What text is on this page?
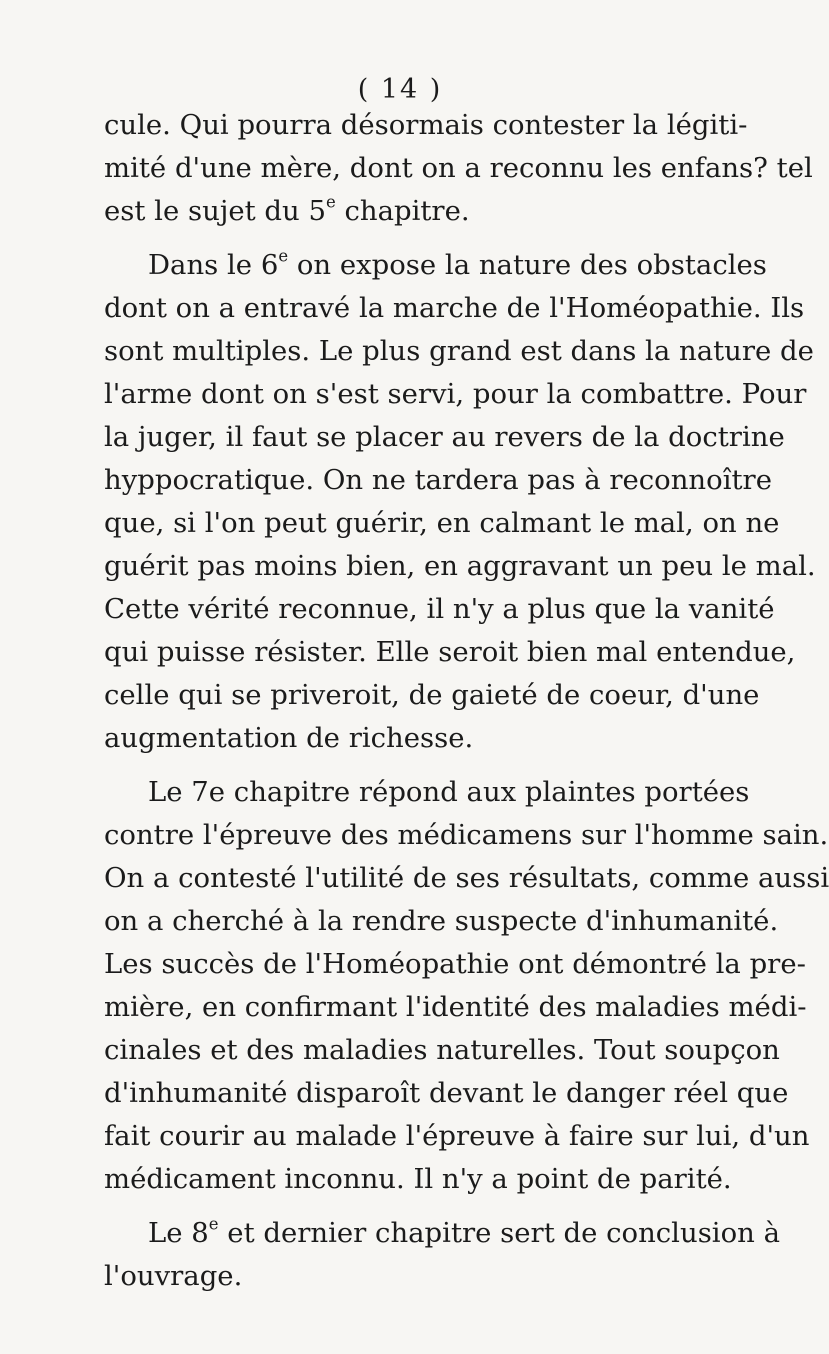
( 14 )
cule. Qui pourra désormais contester la légiti-
mité d'une mère, dont on a reconnu les enfans? tel
est le sujet du 5e chapitre.
Dans le 6e on expose la nature des obstacles
dont on a entravé la marche de l'Homéopathie. Ils
sont multiples. Le plus grand est dans la nature de
l'arme dont on s'est servi, pour la combattre. Pour
la juger, il faut se placer au revers de la doctrine
hyppocratique. On ne tardera pas à reconnoître
que, si l'on peut guérir, en calmant le mal, on ne
guérit pas moins bien, en aggravant un peu le mal.
Cette vérité reconnue, il n'y a plus que la vanité
qui puisse résister. Elle seroit bien mal entendue,
celle qui se priveroit, de gaieté de coeur, d'une
augmentation de richesse.
Le 7e chapitre répond aux plaintes portées
contre l'épreuve des médicamens sur l'homme sain.
On a contesté l'utilité de ses résultats, comme aussi
on a cherché à la rendre suspecte d'inhumanité.
Les succès de l'Homéopathie ont démontré la pre-
mière, en confirmant l'identité des maladies médi-
cinales et des maladies naturelles. Tout soupçon
d'inhumanité disparoît devant le danger réel que
fait courir au malade l'épreuve à faire sur lui, d'un
médicament inconnu. Il n'y a point de parité.
Le 8e et dernier chapitre sert de conclusion à
l'ouvrage.
